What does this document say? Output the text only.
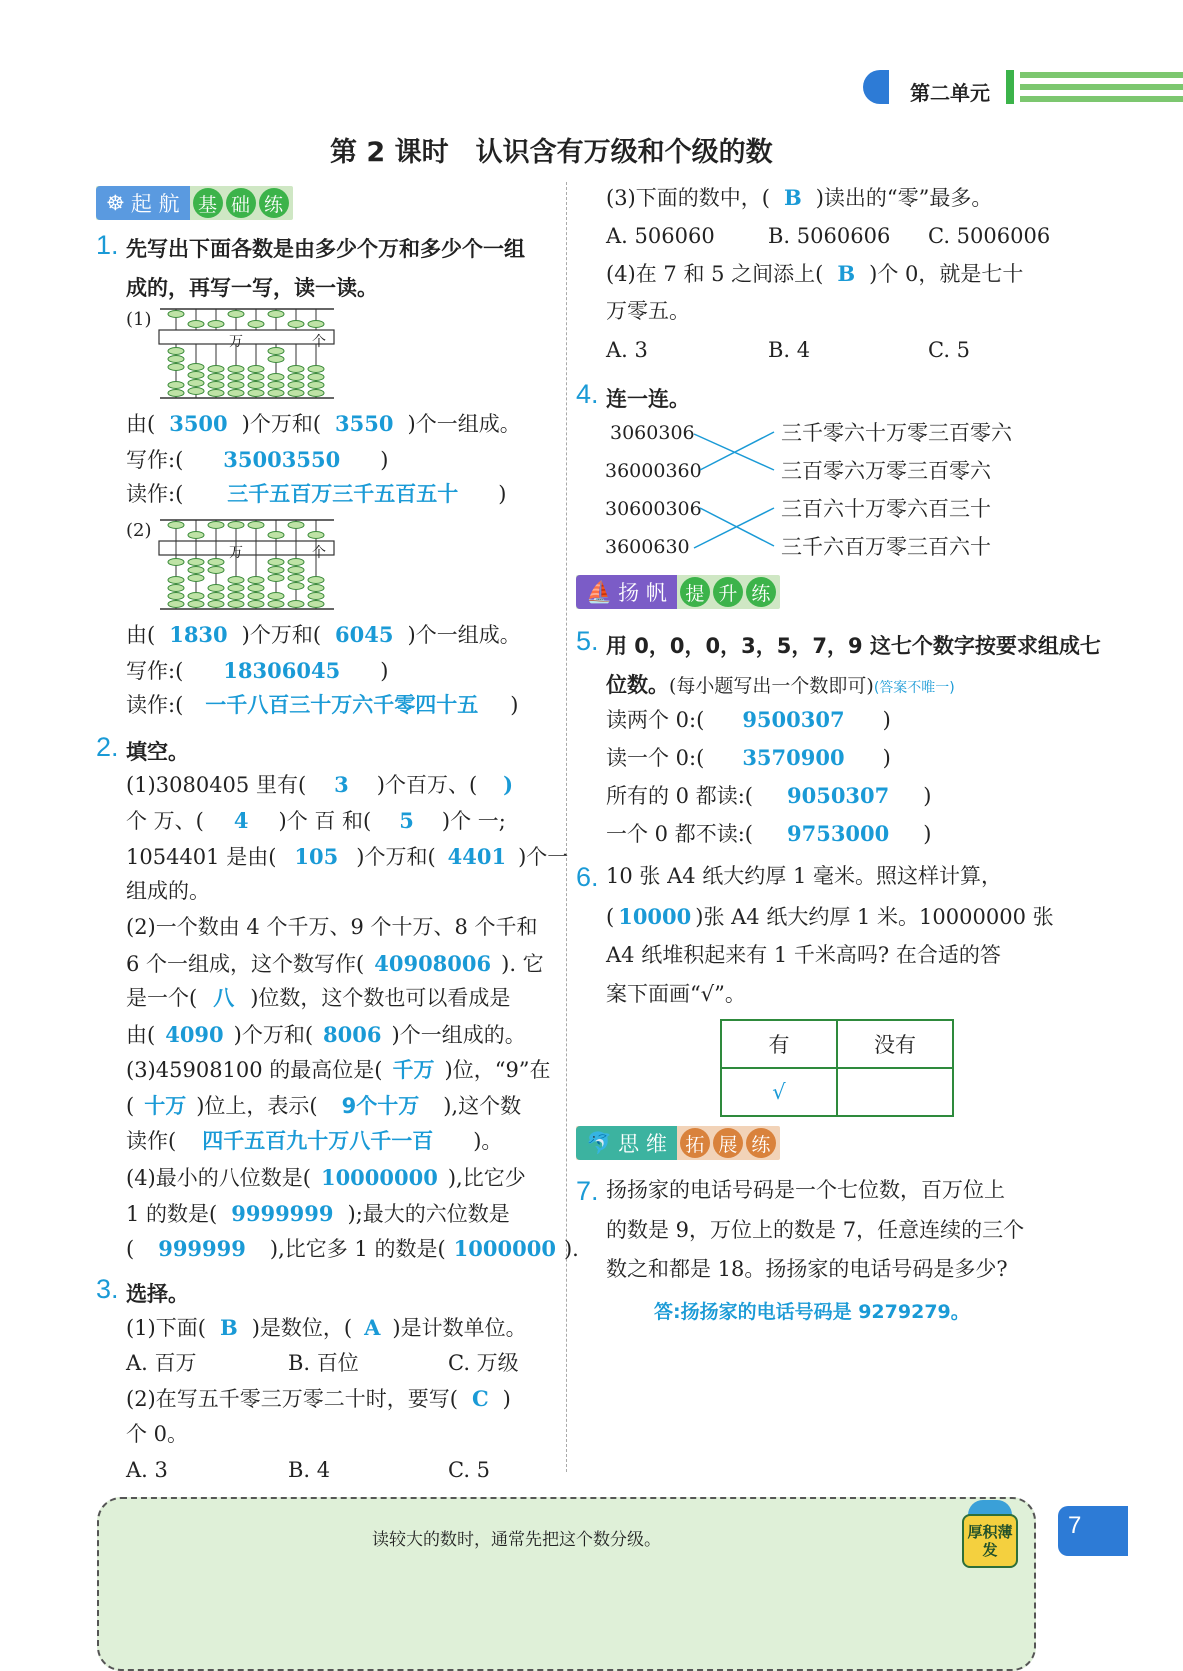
第二单元
第 2 课时　认识含有万级和个级的数
☸ 起
航 基 础 练
1. 先写出下面各数是由多少个万和多少个一组
成的，再写一写，读一读。
(1)
万	个
由( 3500 )个万和( 3550 )个一组成。
写作:( 35003550 )
读作:( 三千五百万三千五百五十 )
(2)
万	个
由( 1830 )个万和( 6045 )个一组成。
写作:( 18306045 )
读作:( 一千八百三十万六千零四十五 )
2. 填空。
(1)3080405 里有( 3 )个百万、( )
个 万、( 4 )个 百 和( 5 )个 一;
1054401 是由( 105 )个万和( 4401 )个一
组成的。
(2)一个数由 4 个千万、9 个十万、8 个千和
6 个一组成，这个数写作( 40908006 ). 它
是一个( 八 )位数，这个数也可以看成是
由( 4090 )个万和( 8006 )个一组成的。
(3)45908100 的最高位是( 千万 )位，“9”在
( 十万 )位上，表示( 9个十万 ),这个数
读作( 四千五百九十万八千一百 )。
(4)最小的八位数是( 10000000 ),比它少
1 的数是( 9999999 );最大的六位数是
( 999999 ),比它多 1 的数是( 1000000 ).
3. 选择。
(1)下面( B )是数位，( A )是计数单位。
A. 百万	B. 百位	C. 万级
(2)在写五千零三万零二十时，要写( C )
个 0。
A. 3	B. 4	C. 5
(3)下面的数中，( B )读出的“零”最多。
A. 506060	B. 5060606 C. 5006006
(4)在 7 和 5 之间添上( B )个 0，就是七十
万零五。
A. 3	B. 4	C. 5
4. 连一连。
3060306
36000360
30600306
3600630
三千零六十万零三百零六
三百零六万零三百零六
三百六十万零六百三十
三千六百万零三百六十
⛵ 扬
帆 提 升 练
5. 用 0，0，0，3，5，7，9 这七个数字按要求组成七
位数。(每小题写出一个数即可)(答案不唯一)
读两个 0:( 9500307 )
读一个 0:( 3570900 )
所有的 0 都读:( 9050307 )
一个 0 都不读:( 9753000 )
6. 10 张 A4 纸大约厚 1 毫米。照这样计算，
( 10000 )张 A4 纸大约厚 1 米。10000000 张
A4 纸堆积起来有 1 千米高吗? 在合适的答
案下面画“√”。
有	没有
√	
🐬 思
维 拓 展 练
7. 扬扬家的电话号码是一个七位数，百万位上
的数是 9，万位上的数是 7，任意连续的三个
数之和都是 18。扬扬家的电话号码是多少?
答:扬扬家的电话号码是 9279279。
读较大的数时，通常先把这个数分级。	厚积薄发
7
